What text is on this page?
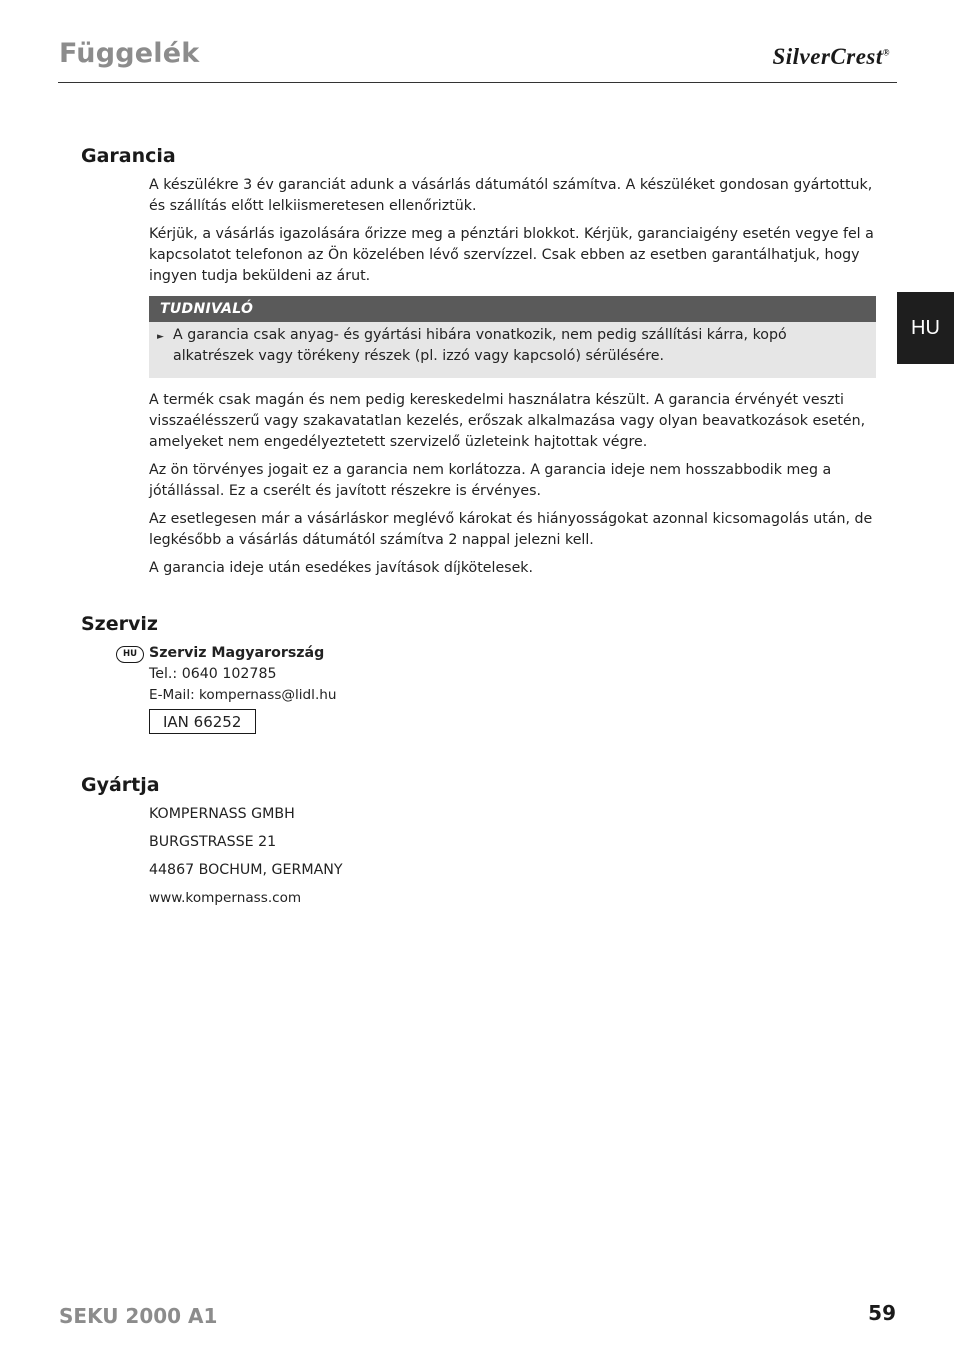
Függelék	SilverCrest®
HU
Garancia

A készülékre 3 év garanciát adunk a vásárlás dátumától számítva. A készüléket gondosan gyártottuk, és szállítás előtt lelkiismeretesen ellenőriztük.

Kérjük, a vásárlás igazolására őrizze meg a pénztári blokkot. Kérjük, garanciaigény esetén vegye fel a kapcsolatot telefonon az Ön közelében lévő szervízzel. Csak ebben az esetben garantálhatjuk, hogy ingyen tudja beküldeni az árut.

TUDNIVALÓ
► A garancia csak anyag- és gyártási hibára vonatkozik, nem pedig szállítási kárra, kopó alkatrészek vagy törékeny részek (pl. izzó vagy kapcsoló) sérülésére.

A termék csak magán és nem pedig kereskedelmi használatra készült. A garancia érvényét veszti visszaélésszerű vagy szakavatatlan kezelés, erőszak alkalmazása vagy olyan beavatkozások esetén, amelyeket nem engedélyeztetett szervizelő üzleteink hajtottak végre.

Az ön törvényes jogait ez a garancia nem korlátozza. A garancia ideje nem hosszabbodik meg a jótállással. Ez a cserélt és javított részekre is érvényes.

Az esetlegesen már a vásárláskor meglévő károkat és hiányosságokat azonnal kicsomagolás után, de legkésőbb a vásárlás dátumától számítva 2 nappal jelezni kell.

A garancia ideje után esedékes javítások díjkötelesek.

Szerviz
HU Szerviz Magyarország

Tel.: 0640 102785

E-Mail: kompernass@lidl.hu

IAN 66252
Gyártja

KOMPERNASS GMBH

BURGSTRASSE 21

44867 BOCHUM, GERMANY

www.kompernass.com

SEKU 2000 A1	59
